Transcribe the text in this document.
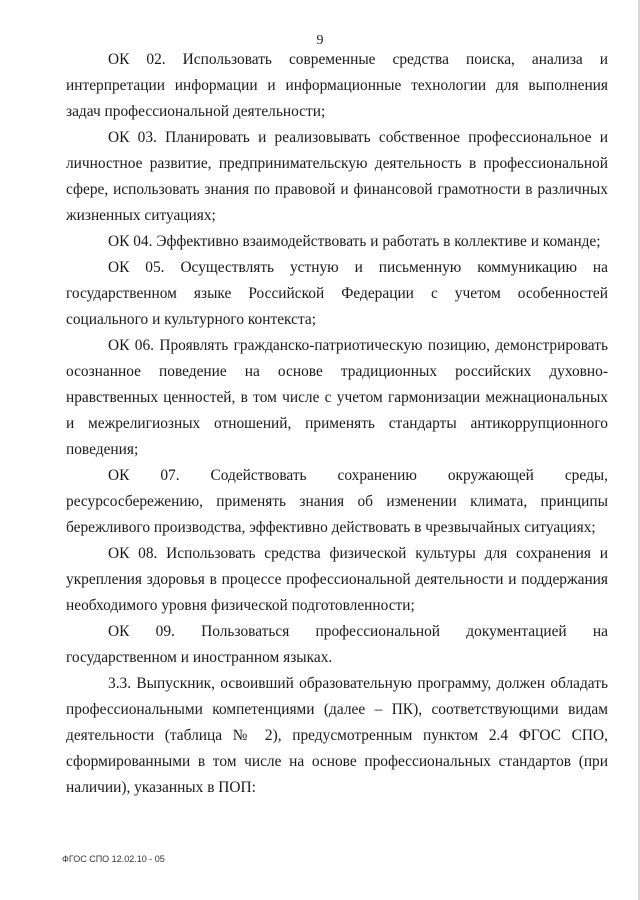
9

ОК 02. Использовать современные средства поиска, анализа и интерпретации информации и информационные технологии для выполнения задач профессиональной деятельности;

ОК 03. Планировать и реализовывать собственное профессиональное и личностное развитие, предпринимательскую деятельность в профессиональной сфере, использовать знания по правовой и финансовой грамотности в различных жизненных ситуациях;

ОК 04. Эффективно взаимодействовать и работать в коллективе и команде;

ОК 05. Осуществлять устную и письменную коммуникацию на государственном языке Российской Федерации с учетом особенностей социального и культурного контекста;

ОК 06. Проявлять гражданско-патриотическую позицию, демонстрировать осознанное поведение на основе традиционных российских духовно-нравственных ценностей, в том числе с учетом гармонизации межнациональных и межрелигиозных отношений, применять стандарты антикоррупционного поведения;

ОК 07. Содействовать сохранению окружающей среды, ресурсосбережению, применять знания об изменении климата, принципы бережливого производства, эффективно действовать в чрезвычайных ситуациях;

ОК 08. Использовать средства физической культуры для сохранения и укрепления здоровья в процессе профессиональной деятельности и поддержания необходимого уровня физической подготовленности;

ОК 09. Пользоваться профессиональной документацией на государственном и иностранном языках.

3.3. Выпускник, освоивший образовательную программу, должен обладать профессиональными компетенциями (далее – ПК), соответствующими видам деятельности (таблица № 2), предусмотренным пунктом 2.4 ФГОС СПО, сформированными в том числе на основе профессиональных стандартов (при наличии), указанных в ПОП:

ФГОС СПО 12.02.10 - 05
